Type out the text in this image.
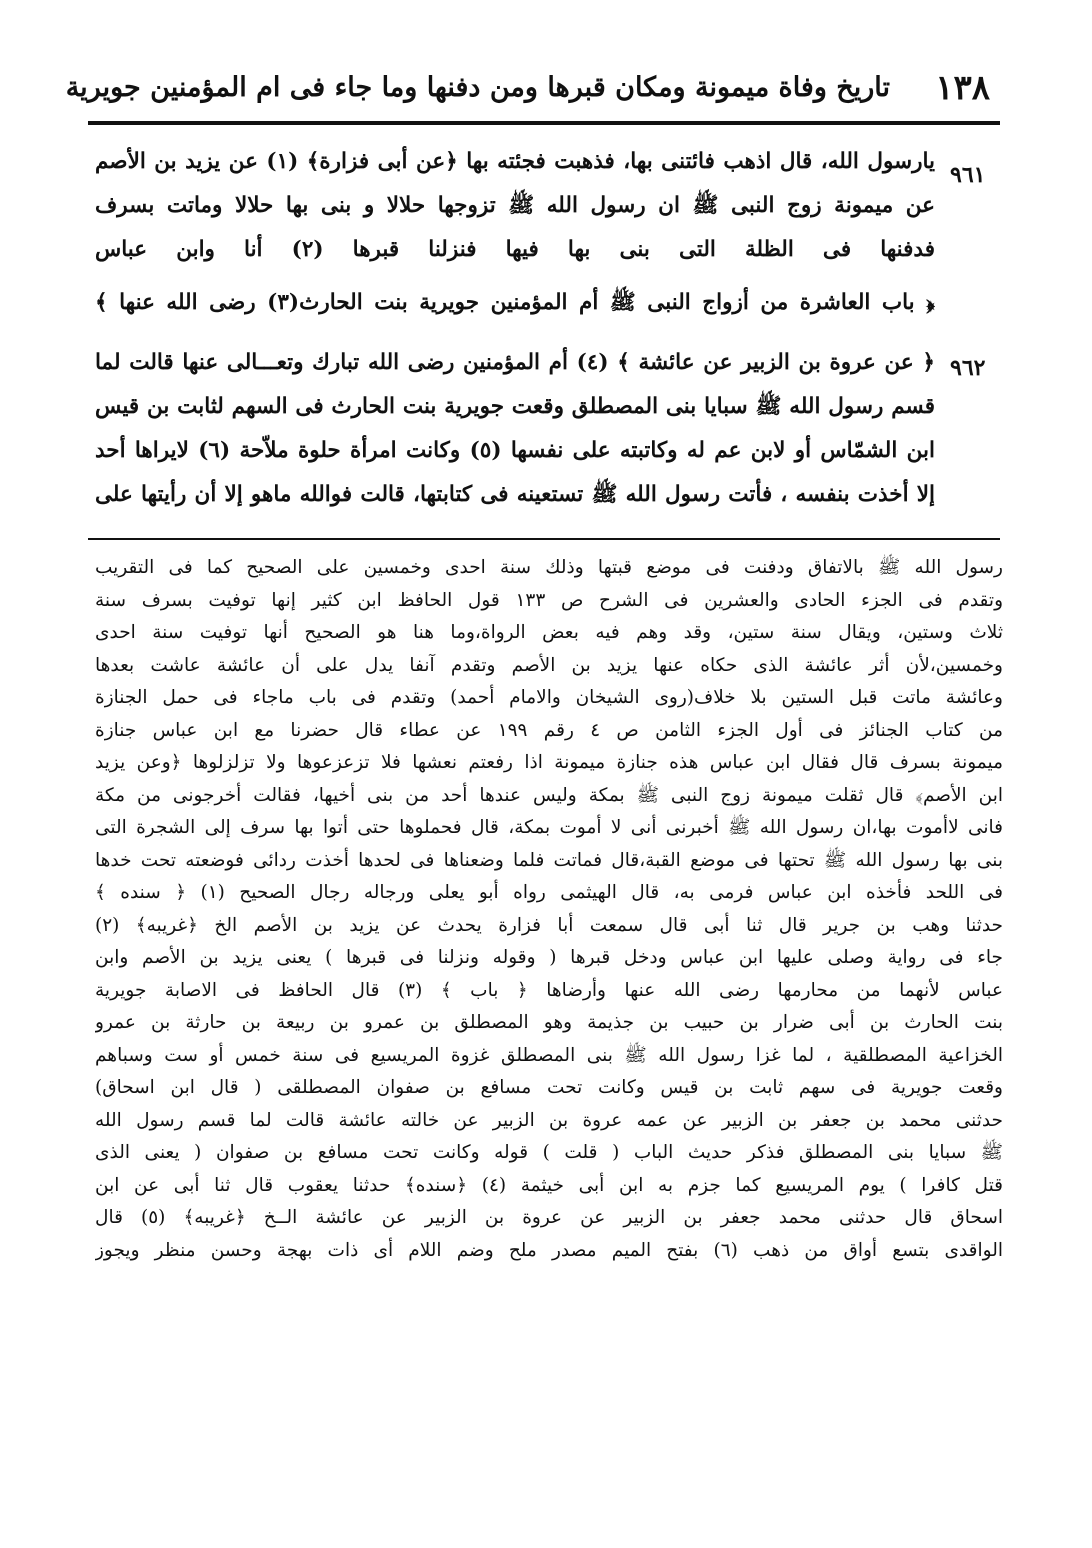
١٣٨
تاريخ وفاة ميمونة ومكان قبرها ومن دفنها وما جاء فى ام المؤمنين جويرية
٩٦١
يارسول الله، قال اذهب فائتنى بها، فذهبت فجئته بها ﴿عن أبى فزارة﴾ (١) عن يزيد بن الأصم
عن ميمونة زوج النبى ﷺ ان رسول الله ﷺ تزوجها حلالا و بنى بها حلالا وماتت بسرف
فدفنها فى الظلة التى بنى بها فيها فنزلنا قبرها (٢) أنا وابن عباس
﴿ باب العاشرة من أزواج النبى ﷺ أم المؤمنين جويرية بنت الحارث(٣) رضى الله عنها ﴾
٩٦٢
﴿ عن عروة بن الزبير عن عائشة ﴾ (٤) أم المؤمنين رضى الله تبارك وتعـــالى عنها قالت لما
قسم رسول الله ﷺ سبايا بنى المصطلق وقعت جويرية بنت الحارث فى السهم لثابت بن قيس
ابن الشمّاس أو لابن عم له وكاتبته على نفسها (٥) وكانت امرأة حلوة ملاّحة (٦) لايراها أحد
إلا أخذت بنفسه ، فأتت رسول الله ﷺ تستعينه فى كتابتها، قالت فوالله ماهو إلا أن رأيتها على
رسول الله ﷺ بالاتفاق ودفنت فى موضع قبتها وذلك سنة احدى وخمسين على الصحيح كما فى التقريب
وتقدم فى الجزء الحادى والعشرين فى الشرح ص ١٣٣ قول الحافظ ابن كثير إنها توفيت بسرف سنة
ثلاث وستين، ويقال سنة ستين، وقد وهم فيه بعض الرواة،وما هنا هو الصحيح أنها توفيت سنة احدى
وخمسين،لأن أثر عائشة الذى حكاه عنها يزيد بن الأصم وتقدم آنفا يدل على أن عائشة عاشت بعدها
وعائشة ماتت قبل الستين بلا خلاف(روى الشيخان والامام أحمد) وتقدم فى باب ماجاء فى حمل الجنازة
من كتاب الجنائز فى أول الجزء الثامن ص ٤ رقم ١٩٩ عن عطاء قال حضرنا مع ابن عباس جنازة
ميمونة بسرف قال فقال ابن عباس هذه جنازة ميمونة اذا رفعتم نعشها فلا تزعزعوها ولا تزلزلوها ﴿وعن يزيد
ابن الأصم﴾ قال ثقلت ميمونة زوج النبى ﷺ بمكة وليس عندها أحد من بنى أخيها، فقالت أخرجونى من مكة
فانى لاأموت بها،ان رسول الله ﷺ أخبرنى أنى لا أموت بمكة، قال فحملوها حتى أتوا بها سرف إلى الشجرة التى
بنى بها رسول الله ﷺ تحتها فى موضع القبة،قال فماتت فلما وضعناها فى لحدها أخذت ردائى فوضعته تحت خدها
فى اللحد فأخذه ابن عباس فرمى به، قال الهيثمى رواه أبو يعلى ورجاله رجال الصحيح (١) ﴿ سنده ﴾
حدثنا وهب بن جرير قال ثنا أبى قال سمعت أبا فزارة يحدث عن يزيد بن الأصم الخ ﴿غريبه﴾ (٢)
جاء فى رواية وصلى عليها ابن عباس ودخل قبرها ( وقوله ونزلنا فى قبرها ) يعنى يزيد بن الأصم وابن
عباس لأنهما من محارمها رضى الله عنها وأرضاها ﴿ باب ﴾ (٣) قال الحافظ فى الاصابة جويرية
بنت الحارث بن أبى ضرار بن حبيب بن جذيمة وهو المصطلق بن عمرو بن ربيعة بن حارثة بن عمرو
الخزاعية المصطلقية ، لما غزا رسول الله ﷺ بنى المصطلق غزوة المريسيع فى سنة خمس أو ست وسباهم
وقعت جويرية فى سهم ثابت بن قيس وكانت تحت مسافع بن صفوان المصطلقى ( قال ابن اسحاق)
حدثنى محمد بن جعفر بن الزبير عن عمه عروة بن الزبير عن خالته عائشة قالت لما قسم رسول الله
ﷺ سبايا بنى المصطلق فذكر حديث الباب ( قلت ) قوله وكانت تحت مسافع بن صفوان ( يعنى الذى
قتل كافرا ) يوم المريسيع كما جزم به ابن أبى خيثمة (٤) ﴿سنده﴾ حدثنا يعقوب قال ثنا أبى عن ابن
اسحاق قال حدثنى محمد جعفر بن الزبير عن عروة بن الزبير عن عائشة الــخ ﴿غريبه﴾ (٥) قال
الواقدى بتسع أواق من ذهب (٦) بفتح الميم مصدر ملح وضم اللام أى ذات بهجة وحسن منظر ويجوز
